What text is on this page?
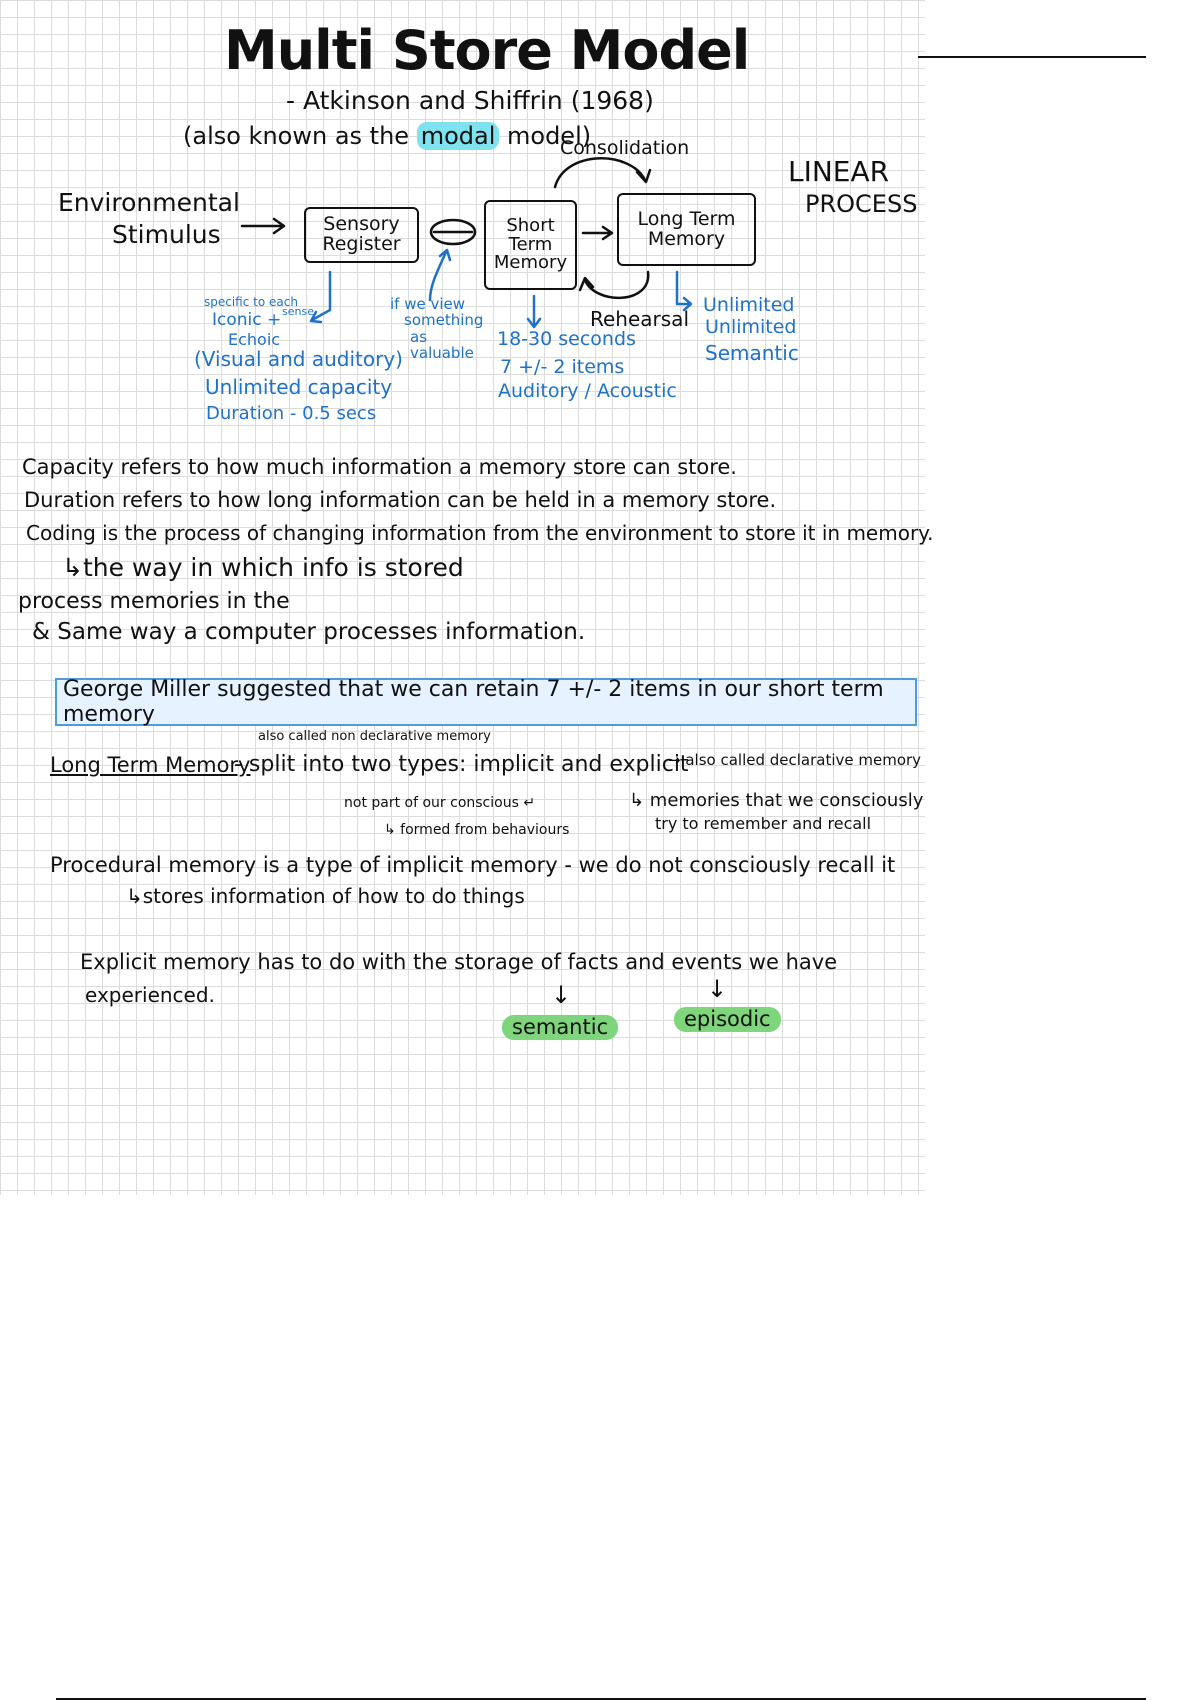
Multi Store Model
- Atkinson and Shiffrin (1968)
(also known as the modal model)
LINEAR
PROCESS
Environmental
Stimulus	Sensory
Register
Short
Term
Memory
Long Term
Memory
Consolidation
Rehearsal
if we view
something
as
valuable
specific to each
sense
Iconic +
Echoic
(Visual and auditory)
Unlimited capacity
Duration - 0.5 secs
18-30 seconds
7 +/- 2 items
Auditory / Acoustic
Unlimited
Unlimited
Semantic
Capacity refers to how much information a memory store can store.
Duration refers to how long information can be held in a memory store.
Coding is the process of changing information from the environment to store it in memory.
↳the way in which info is stored
process memories in the
& Same way a computer processes information.
George Miller suggested that we can retain 7 +/- 2 items in our short term memory
also called non declarative memory
Long Term Memory
- split into two types: implicit and explicit
→ also called declarative memory
not part of our conscious ↵
↳ formed from behaviours
↳ memories that we consciously
try to remember and recall
Procedural memory is a type of implicit memory - we do not consciously recall it
↳stores information of how to do things
Explicit memory has to do with the storage of facts and events we have
experienced.	↓	↓
semantic	episodic
